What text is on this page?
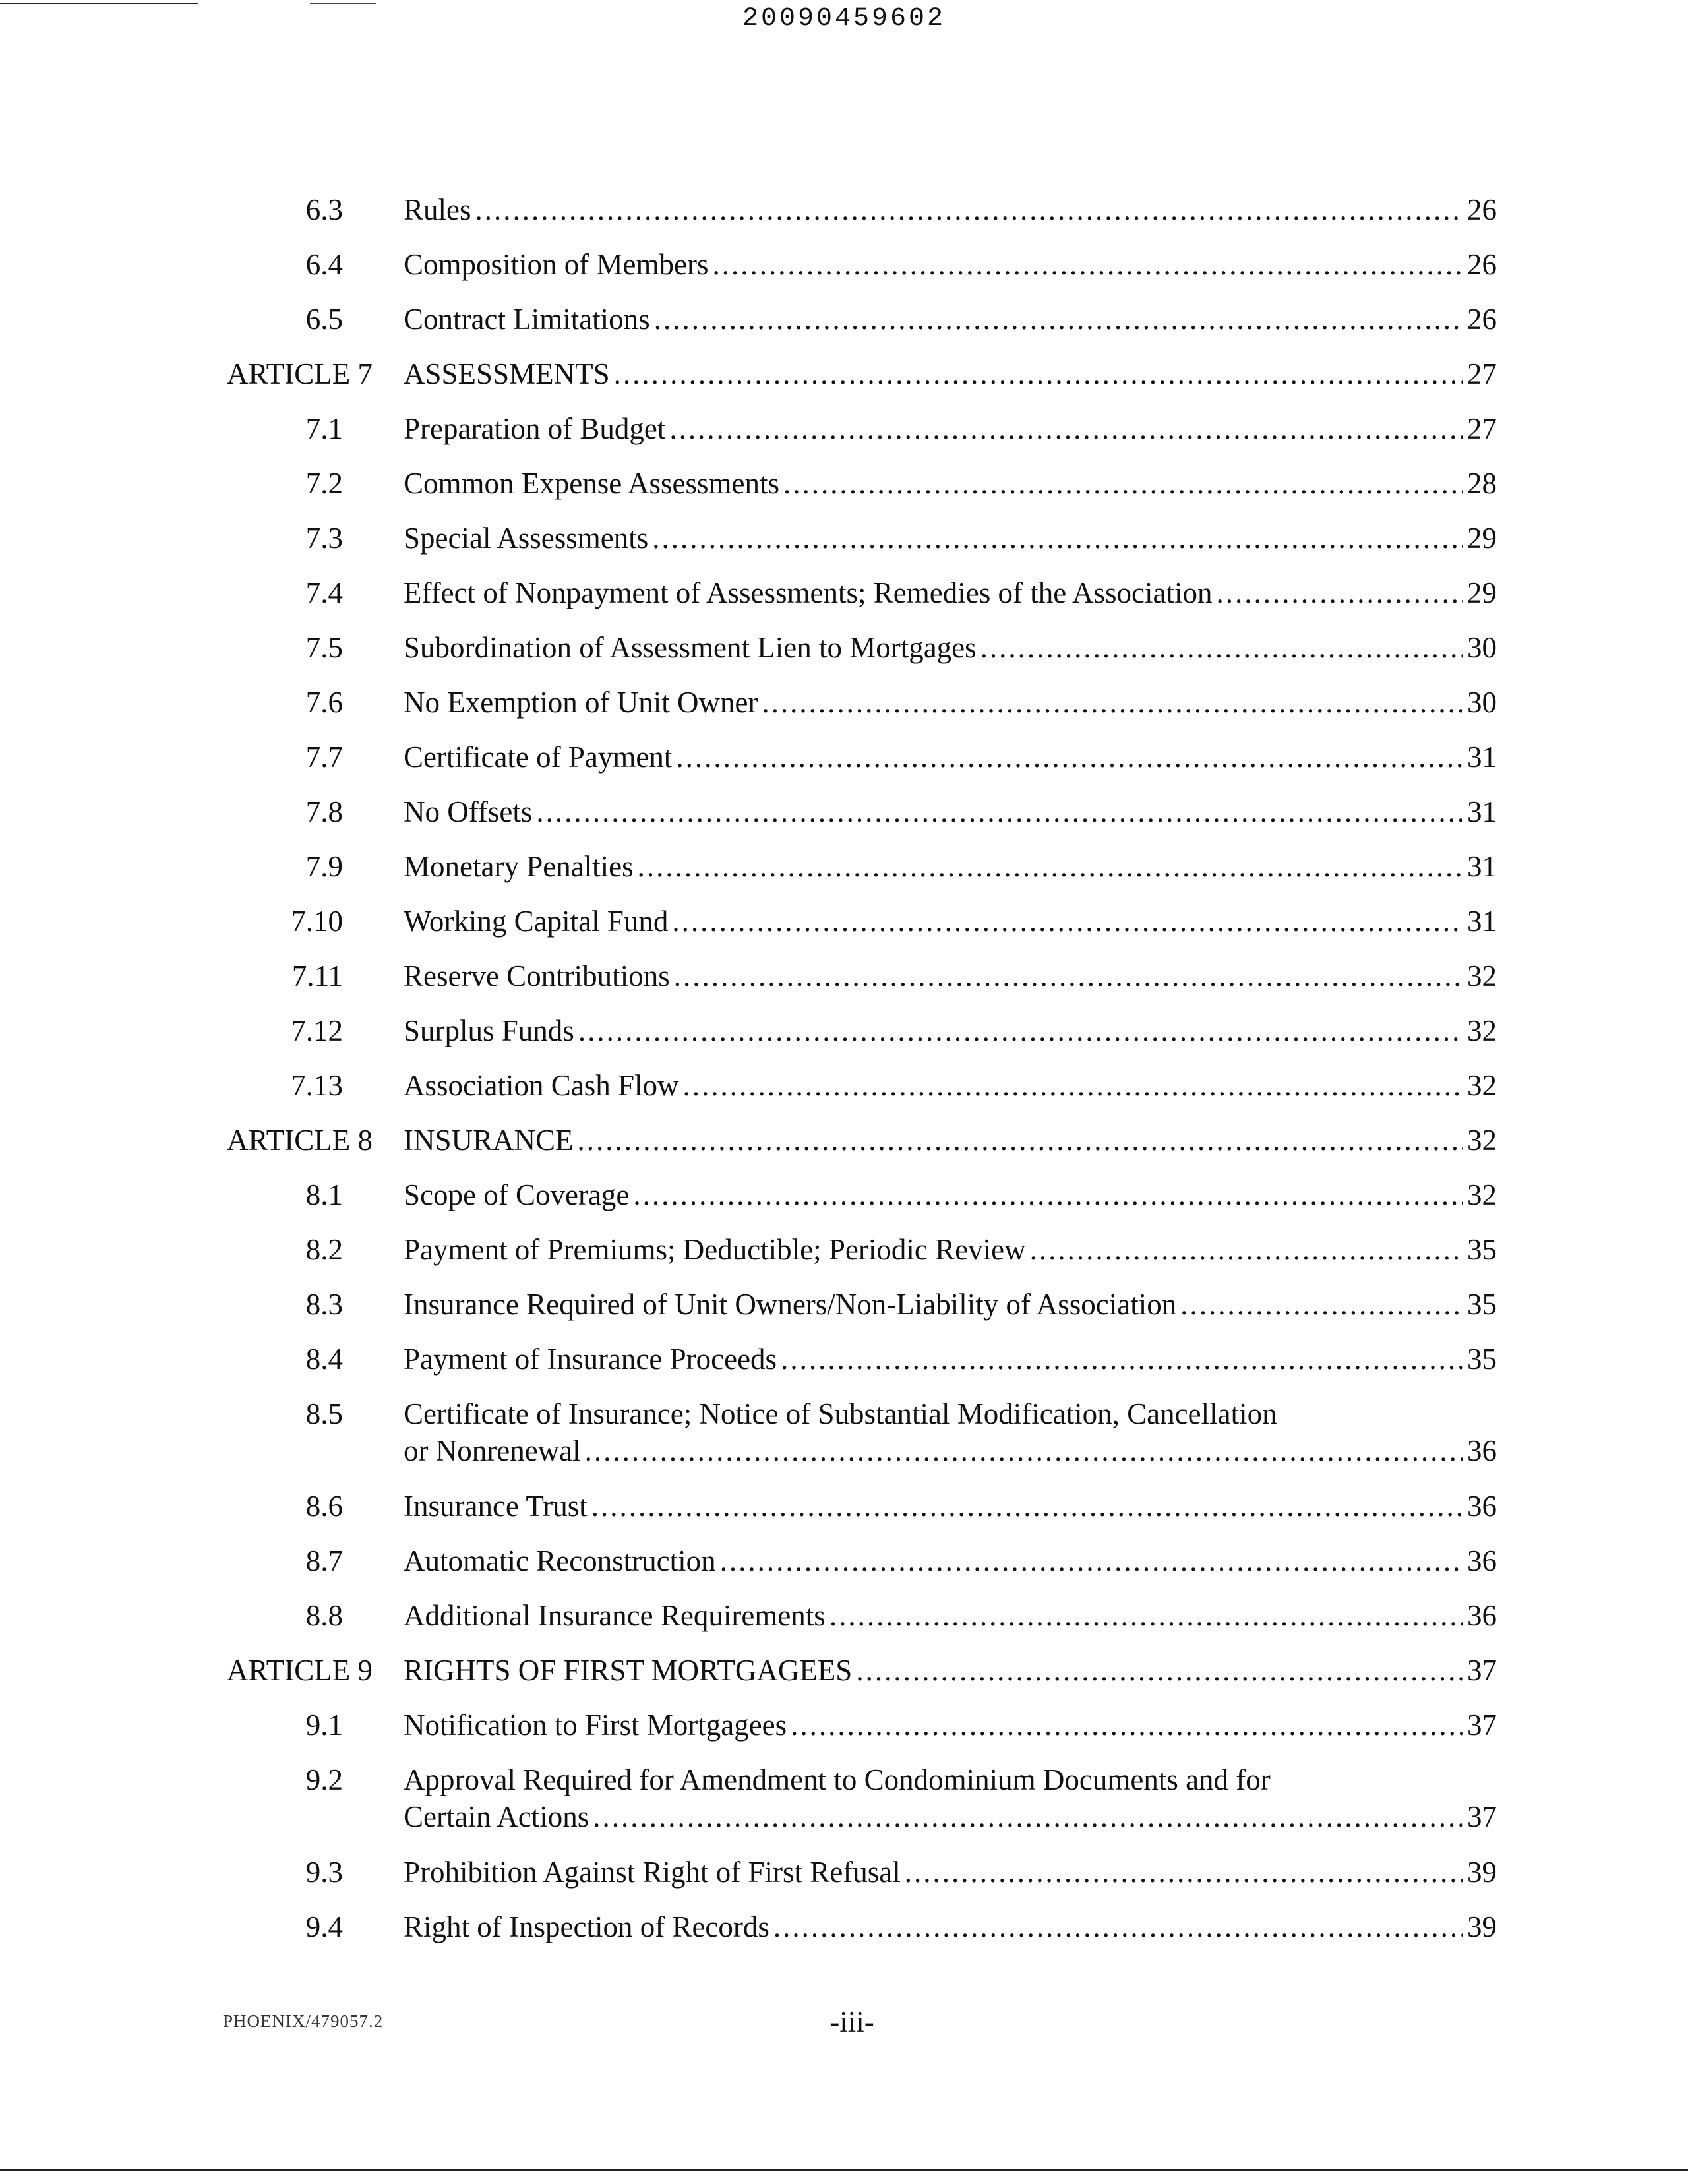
20090459602
6.3 Rules .....	26
6.4 Composition of Members .....	26
6.5 Contract Limitations .....	26
ARTICLE 7 ASSESSMENTS .....	27
7.1 Preparation of Budget .....	27
7.2 Common Expense Assessments .....	28
7.3 Special Assessments .....	29
7.4 Effect of Nonpayment of Assessments; Remedies of the Association .....	29
7.5 Subordination of Assessment Lien to Mortgages .....	30
7.6 No Exemption of Unit Owner .....	30
7.7 Certificate of Payment .....	31
7.8 No Offsets .....	31
7.9 Monetary Penalties .....	31
7.10 Working Capital Fund .....	31
7.11 Reserve Contributions .....	32
7.12 Surplus Funds .....	32
7.13 Association Cash Flow .....	32
ARTICLE 8 INSURANCE .....	32
8.1 Scope of Coverage .....	32
8.2 Payment of Premiums; Deductible; Periodic Review .....	35
8.3 Insurance Required of Unit Owners/Non-Liability of Association .....	35
8.4 Payment of Insurance Proceeds .....	35
8.5 Certificate of Insurance; Notice of Substantial Modification, Cancellation
or Nonrenewal .....	36
8.6 Insurance Trust .....	36
8.7 Automatic Reconstruction .....	36
8.8 Additional Insurance Requirements .....	36
ARTICLE 9 RIGHTS OF FIRST MORTGAGEES .....	37
9.1 Notification to First Mortgagees .....	37
9.2 Approval Required for Amendment to Condominium Documents and for
Certain Actions .....	37
9.3 Prohibition Against Right of First Refusal .....	39
9.4 Right of Inspection of Records .....	39
PHOENIX/479057.2	-iii-
